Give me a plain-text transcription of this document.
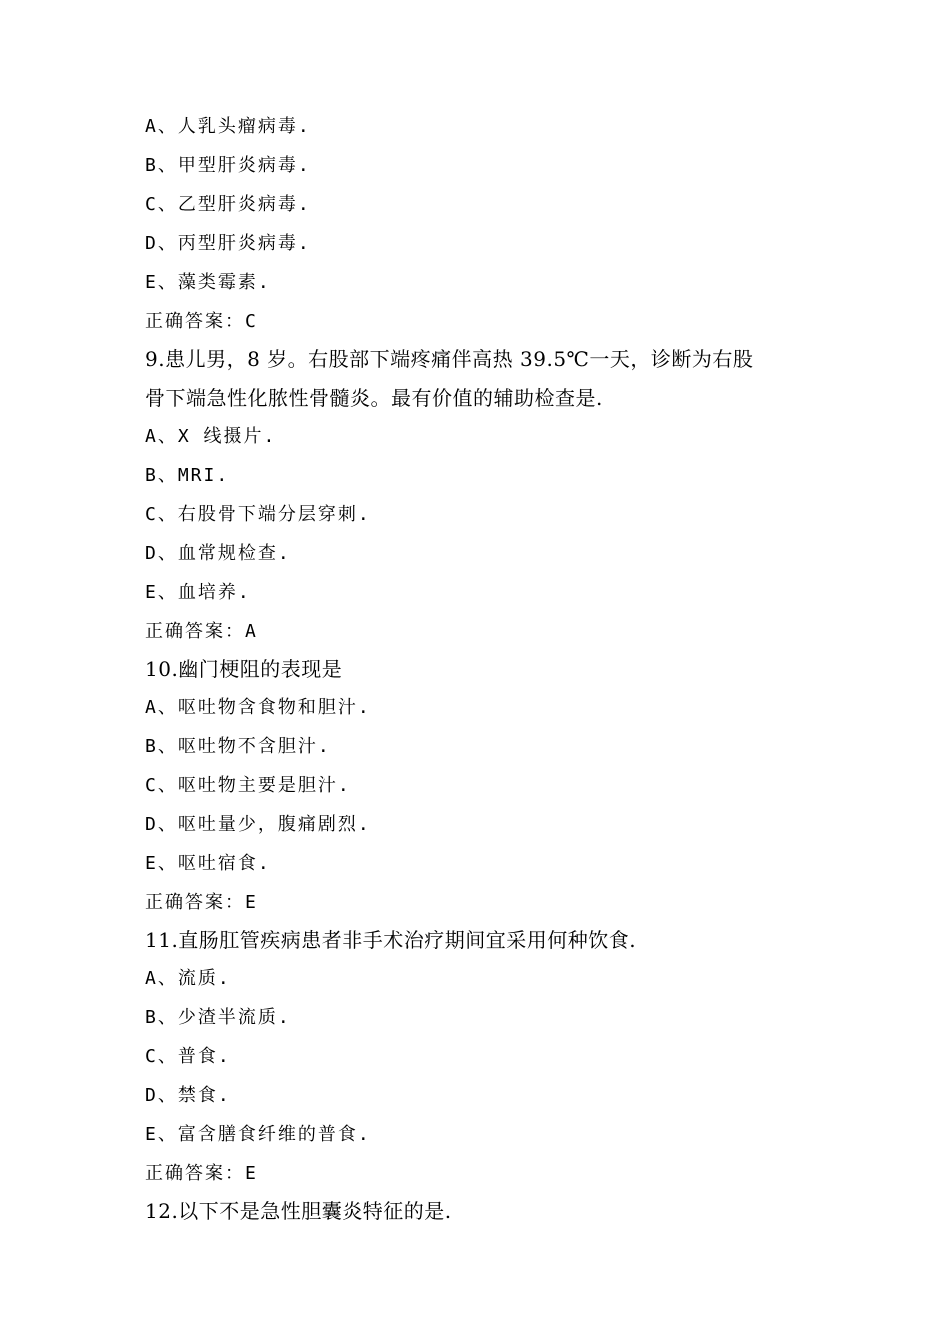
A、人乳头瘤病毒.
B、甲型肝炎病毒.
C、乙型肝炎病毒.
D、丙型肝炎病毒.
E、藻类霉素.
正确答案：C
9.患儿男，8 岁。右股部下端疼痛伴高热 39.5℃一天，诊断为右股
骨下端急性化脓性骨髓炎。最有价值的辅助检查是.
A、X 线摄片.
B、MRI.
C、右股骨下端分层穿刺.
D、血常规检查.
E、血培养.
正确答案：A
10.幽门梗阻的表现是
A、呕吐物含食物和胆汁.
B、呕吐物不含胆汁.
C、呕吐物主要是胆汁.
D、呕吐量少，腹痛剧烈.
E、呕吐宿食.
正确答案：E
11.直肠肛管疾病患者非手术治疗期间宜采用何种饮食.
A、流质.
B、少渣半流质.
C、普食.
D、禁食.
E、富含膳食纤维的普食.
正确答案：E
12.以下不是急性胆囊炎特征的是.
